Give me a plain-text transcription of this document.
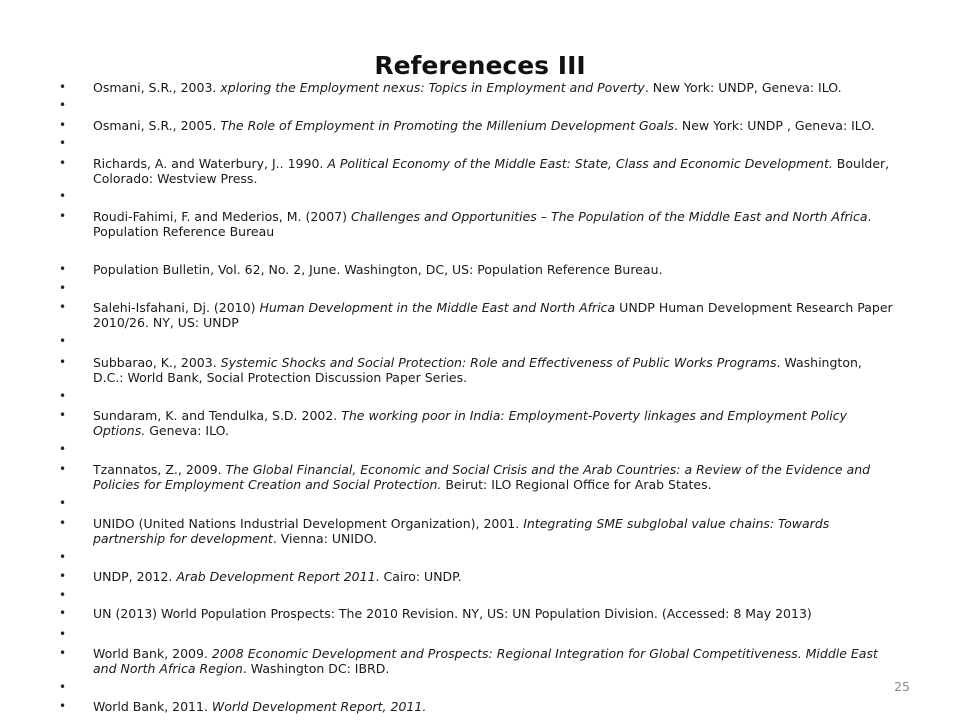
Refereneces III
• Osmani, S.R., 2003. xploring the Employment nexus: Topics in Employment and Poverty. New York: UNDP, Geneva: ILO.
•
• Osmani, S.R., 2005. The Role of Employment in Promoting the Millenium Development Goals. New York: UNDP , Geneva: ILO.
•
• Richards, A. and Waterbury, J.. 1990. A Political Economy of the Middle East: State, Class and Economic Development. Boulder, Colorado: Westview Press.
•
• Roudi-Fahimi, F. and Mederios, M. (2007) Challenges and Opportunities – The Population of the Middle East and North Africa. Population Reference Bureau
• Population Bulletin, Vol. 62, No. 2, June. Washington, DC, US: Population Reference Bureau.
•
• Salehi-Isfahani, Dj. (2010) Human Development in the Middle East and North Africa UNDP Human Development Research Paper 2010/26. NY, US: UNDP
•
• Subbarao, K., 2003. Systemic Shocks and Social Protection: Role and Effectiveness of Public Works Programs. Washington, D.C.: World Bank, Social Protection Discussion Paper Series.
•
• Sundaram, K. and Tendulka, S.D. 2002. The working poor in India: Employment-Poverty linkages and Employment Policy Options. Geneva: ILO.
•
• Tzannatos, Z., 2009. The Global Financial, Economic and Social Crisis and the Arab Countries: a Review of the Evidence and Policies for Employment Creation and Social Protection. Beirut: ILO Regional Office for Arab States.
•
• UNIDO (United Nations Industrial Development Organization), 2001. Integrating SME subglobal value chains: Towards partnership for development. Vienna: UNIDO.
•
• UNDP, 2012. Arab Development Report 2011. Cairo: UNDP.
•
• UN (2013) World Population Prospects: The 2010 Revision. NY, US: UN Population Division. (Accessed: 8 May 2013)
•
• World Bank, 2009. 2008 Economic Development and Prospects: Regional Integration for Global Competitiveness. Middle East and North Africa Region. Washington DC: IBRD.
•
• World Bank, 2011. World Development Report, 2011.
25
